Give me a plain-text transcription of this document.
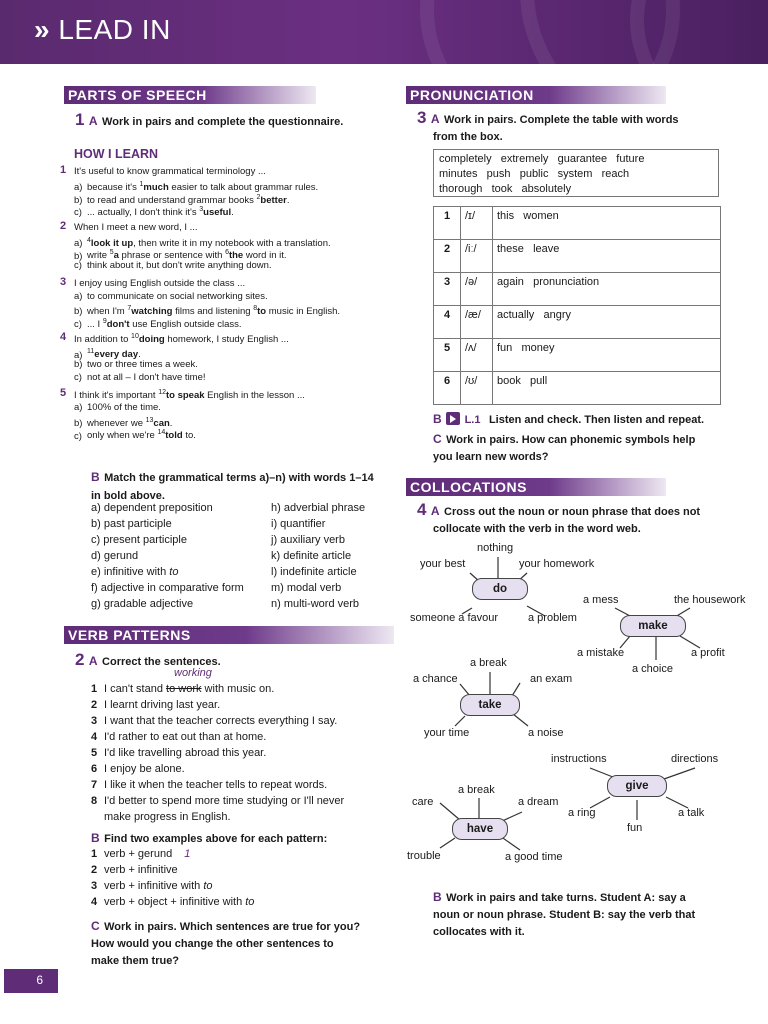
» LEAD IN
PARTS OF SPEECH
1 A Work in pairs and complete the questionnaire.
HOW I LEARN
1 It's useful to know grammatical terminology ...
a) because it's $^1$much easier to talk about grammar rules.
b) to read and understand grammar books $^2$better.
c) ... actually, I don't think it's $^3$useful.
2 When I meet a new word, I ...
a) $^4$look it up, then write it in my notebook with a translation.
b) write $^5$a phrase or sentence with $^6$the word in it.
c) think about it, but don't write anything down.
3 I enjoy using English outside the class ...
a) to communicate on social networking sites.
b) when I'm $^7$watching films and listening $^8$to music in English.
c) ... I $^9$don't use English outside class.
4 In addition to $^{10}$doing homework, I study English ...
a) $^{11}$every day.
b) two or three times a week.
c) not at all – I don't have time!
5 I think it's important $^{12}$to speak English in the lesson ...
a) 100% of the time.
b) whenever we $^{13}$can.
c) only when we're $^{14}$told to.
B Match the grammatical terms a)–n) with words 1–14 in bold above.
a) dependent preposition
b) past participle
c) present participle
d) gerund
e) infinitive with to
f) adjective in comparative form
g) gradable adjective
h) adverbial phrase
i) quantifier
j) auxiliary verb
k) definite article
l) indefinite article
m) modal verb
n) multi-word verb
VERB PATTERNS
2 A Correct the sentences.
working
1 I can't stand to work with music on.
2 I learnt driving last year.
3 I want that the teacher corrects everything I say.
4 I'd rather to eat out than at home.
5 I'd like travelling abroad this year.
6 I enjoy be alone.
7 I like it when the teacher tells to repeat words.
8 I'd better to spend more time studying or I'll never
make progress in English.
B Find two examples above for each pattern:
1 verb + gerund 1
2 verb + infinitive
3 verb + infinitive with to
4 verb + object + infinitive with to
C Work in pairs. Which sentences are true for you?
How would you change the other sentences to
make them true?
PRONUNCIATION
3 A Work in pairs. Complete the table with words
from the box.
completely   extremely   guarantee   future
minutes   push   public   system   reach
thorough   took   absolutely
1	/ɪ/	this   women
2	/iː/	these   leave
3	/ə/	again   pronunciation
4	/æ/	actually   angry
5	/ʌ/	fun   money
6	/ʊ/	book   pull
B L.1 Listen and check. Then listen and repeat.
C Work in pairs. How can phonemic symbols help
you learn new words?
COLLOCATIONS
4 A Cross out the noun or noun phrase that does not
collocate with the verb in the word web.
do
nothing
your best	your homework
someone a favour	a problem
make
a mess	the housework
a mistake	a profit
a choice
take
a break
a chance	an exam
your time	a noise
give
instructions	directions
a ring	a talk
fun
have
a break
care	a dream
trouble	a good time
B Work in pairs and take turns. Student A: say a
noun or noun phrase. Student B: say the verb that
collocates with it.
6
